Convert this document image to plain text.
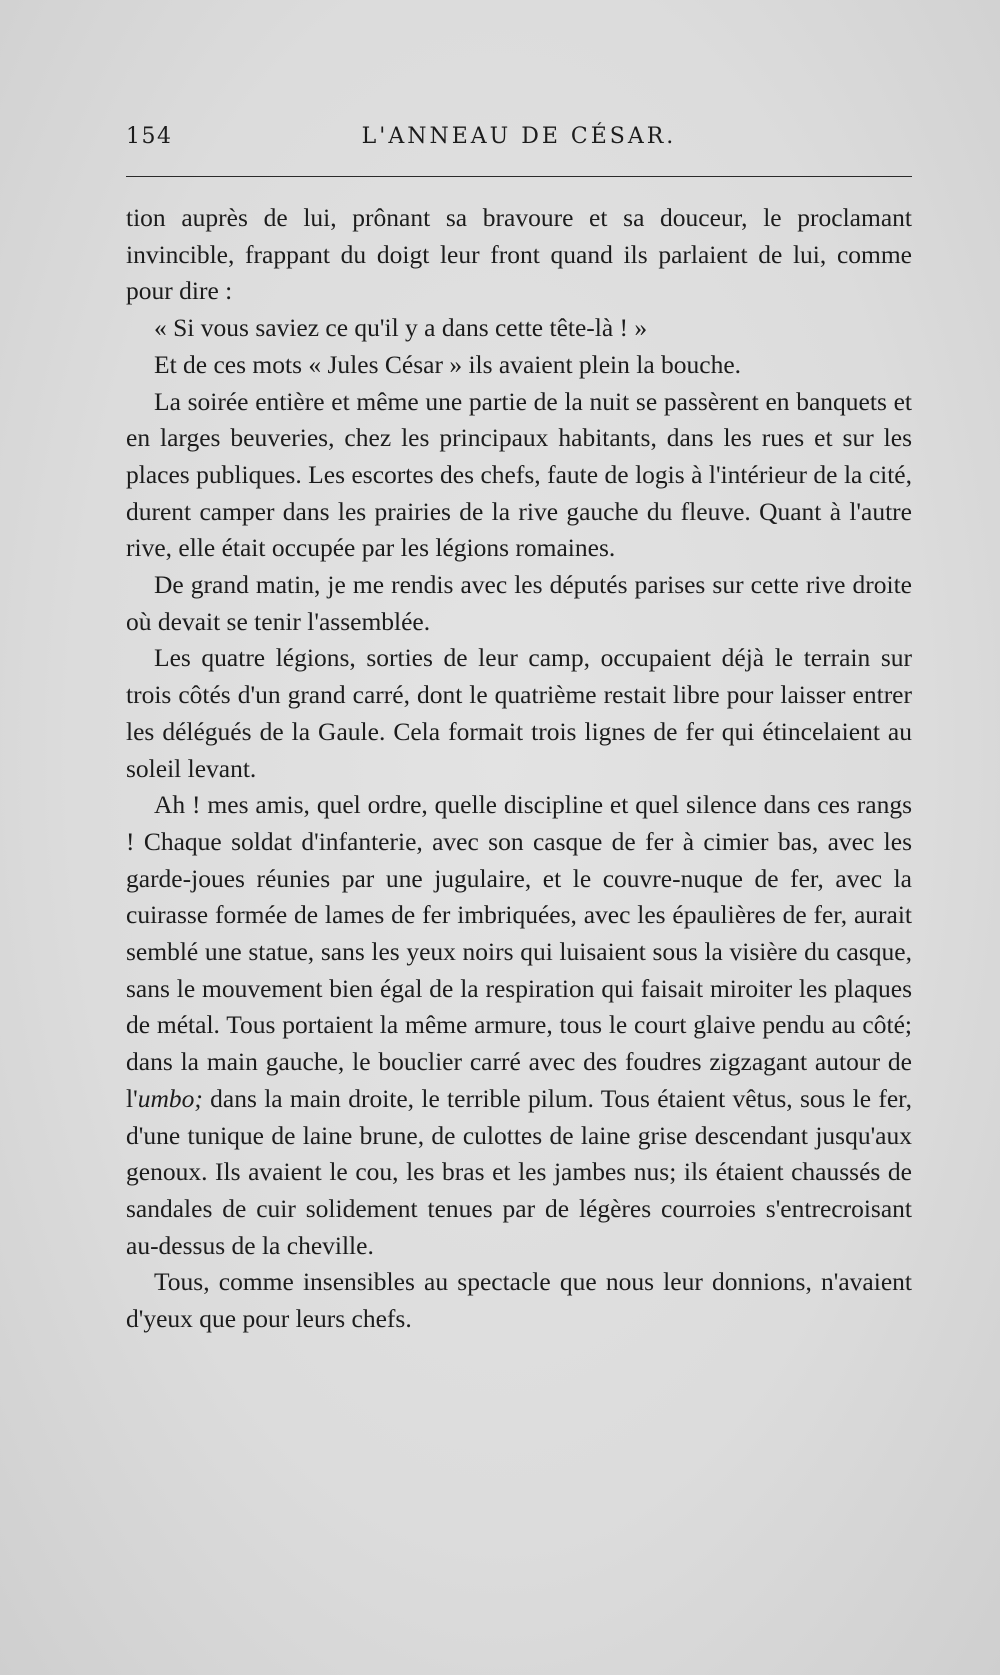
154	L'ANNEAU DE CÉSAR.

tion auprès de lui, prônant sa bravoure et sa douceur, le proclamant invincible, frappant du doigt leur front quand ils parlaient de lui, comme pour dire :

« Si vous saviez ce qu'il y a dans cette tête-là ! »

Et de ces mots « Jules César » ils avaient plein la bouche.

La soirée entière et même une partie de la nuit se passèrent en banquets et en larges beuveries, chez les principaux habitants, dans les rues et sur les places publiques. Les escortes des chefs, faute de logis à l'intérieur de la cité, durent camper dans les prairies de la rive gauche du fleuve. Quant à l'autre rive, elle était occupée par les légions romaines.

De grand matin, je me rendis avec les députés parises sur cette rive droite où devait se tenir l'assemblée.

Les quatre légions, sorties de leur camp, occupaient déjà le terrain sur trois côtés d'un grand carré, dont le quatrième restait libre pour laisser entrer les délégués de la Gaule. Cela formait trois lignes de fer qui étincelaient au soleil levant.

Ah ! mes amis, quel ordre, quelle discipline et quel silence dans ces rangs ! Chaque soldat d'infanterie, avec son casque de fer à cimier bas, avec les garde-joues réunies par une jugulaire, et le couvre-nuque de fer, avec la cuirasse formée de lames de fer imbriquées, avec les épaulières de fer, aurait semblé une statue, sans les yeux noirs qui luisaient sous la visière du casque, sans le mouvement bien égal de la respiration qui faisait miroiter les plaques de métal. Tous portaient la même armure, tous le court glaive pendu au côté; dans la main gauche, le bouclier carré avec des foudres zigzagant autour de l'umbo; dans la main droite, le terrible pilum. Tous étaient vêtus, sous le fer, d'une tunique de laine brune, de culottes de laine grise descendant jusqu'aux genoux. Ils avaient le cou, les bras et les jambes nus; ils étaient chaussés de sandales de cuir solidement tenues par de légères courroies s'entrecroisant au-dessus de la cheville.

Tous, comme insensibles au spectacle que nous leur donnions, n'avaient d'yeux que pour leurs chefs.
